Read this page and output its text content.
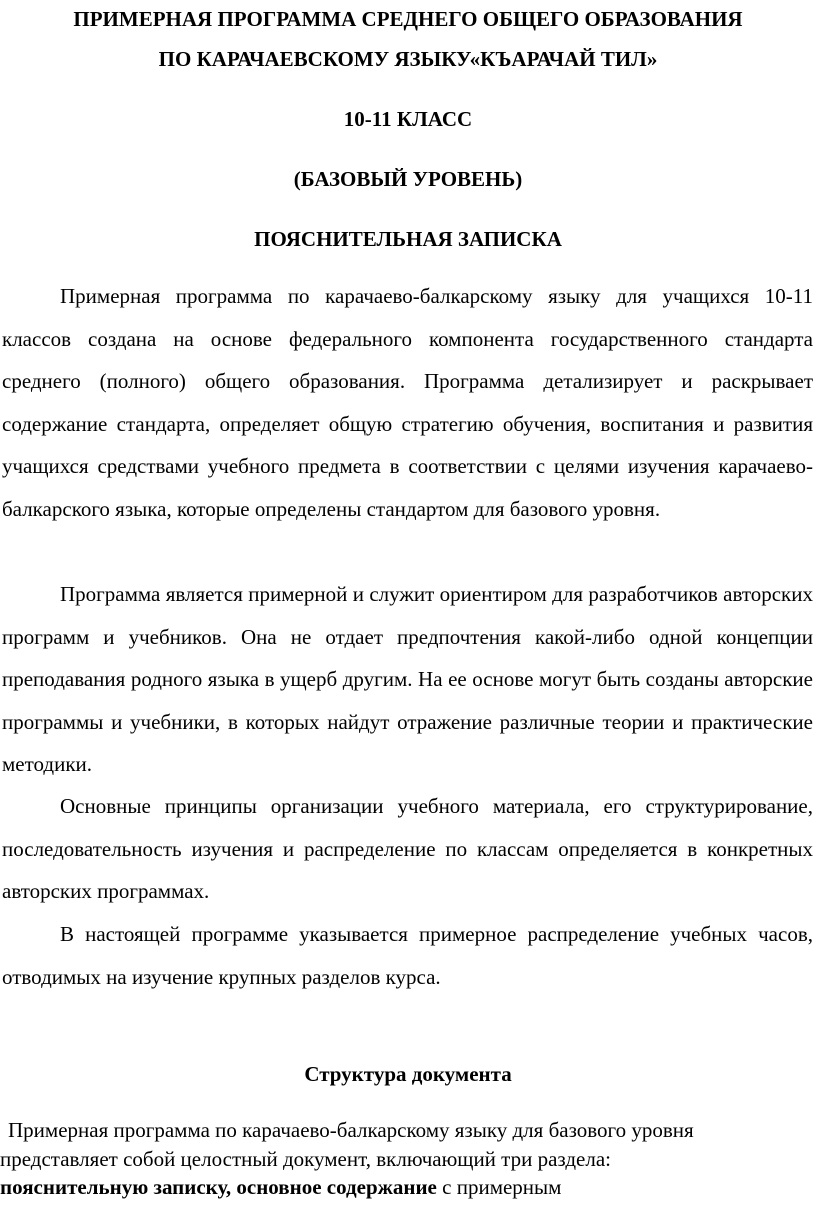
ПРИМЕРНАЯ ПРОГРАММА СРЕДНЕГО ОБЩЕГО ОБРАЗОВАНИЯ
ПО КАРАЧАЕВСКОМУ ЯЗЫКУ«КЪАРАЧАЙ ТИЛ»
10-11 КЛАСС
(БАЗОВЫЙ УРОВЕНЬ)
ПОЯСНИТЕЛЬНАЯ ЗАПИСКА

Примерная программа по карачаево-балкарскому языку для учащихся 10-11 классов создана на основе федерального компонента государственного стандарта среднего (полного) общего образования. Программа детализирует и раскрывает содержание стандарта, определяет общую стратегию обучения, воспитания и развития учащихся средствами учебного предмета в соответствии с целями изучения карачаево-балкарского языка, которые определены стандартом для базового уровня.

Программа является примерной и служит ориентиром для разработчиков авторских программ и учебников. Она не отдает предпочтения какой-либо одной концепции преподавания родного языка в ущерб другим. На ее основе могут быть созданы авторские программы и учебники, в которых найдут отражение различные теории и практические методики.

Основные принципы организации учебного материала, его структурирование, последовательность изучения и распределение по классам определяется в конкретных авторских программах.

В настоящей программе указывается примерное распределение учебных часов, отводимых на изучение крупных разделов курса.

Структура документа

Примерная программа по карачаево-балкарскому языку для базового уровня представляет собой целостный документ, включающий три раздела:
пояснительную записку, основное содержание с примерным
